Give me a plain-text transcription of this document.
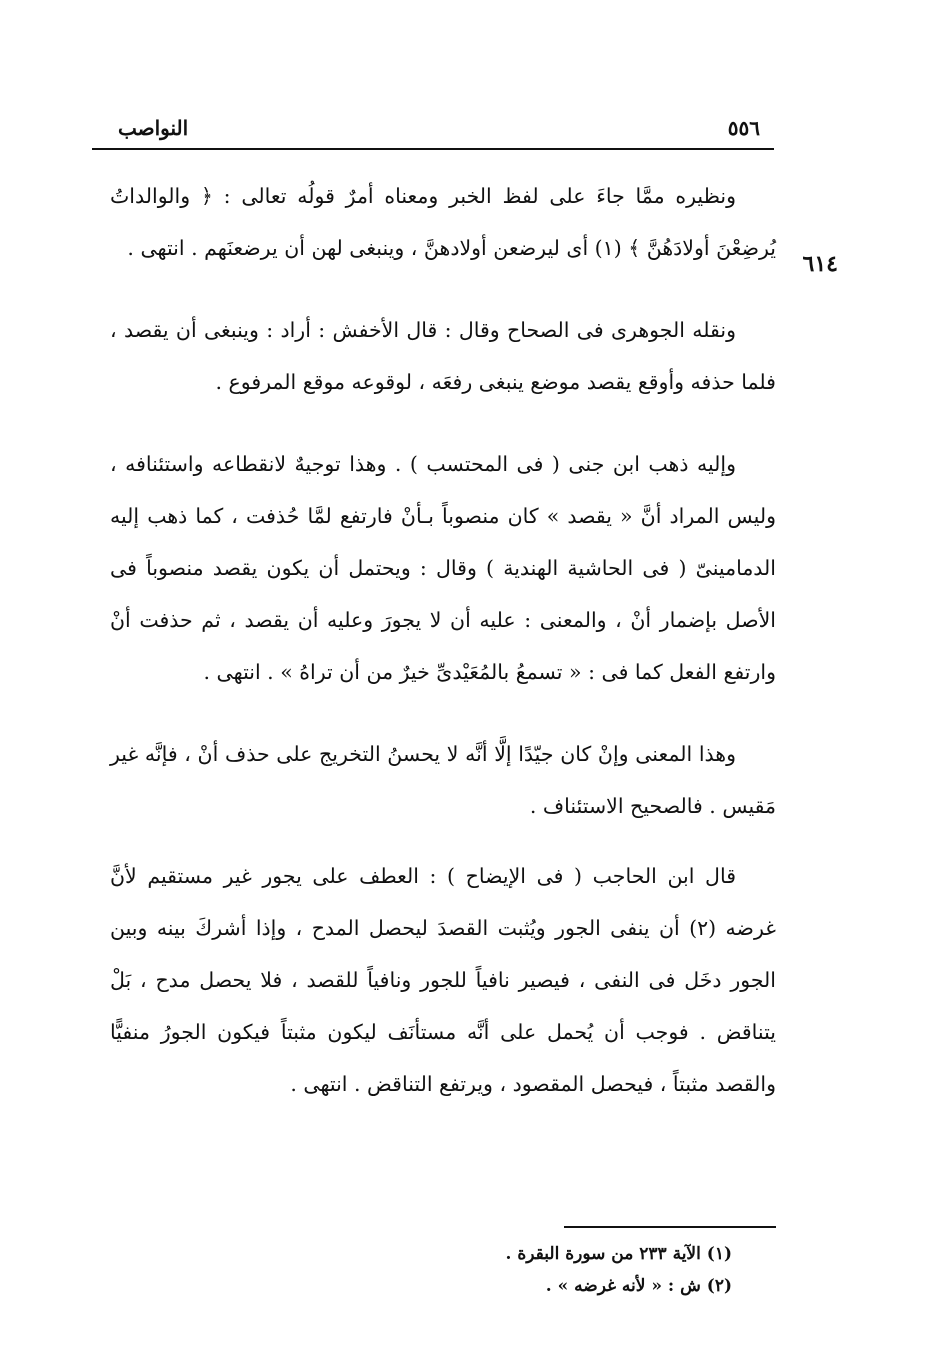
٥٥٦
النواصب
٦١٤

ونظيره ممَّا جاءَ على لفظ الخبر ومعناه أمرٌ قولُه تعالى : ﴿ والوالداتُ يُرضِعْنَ أولادَهُنَّ ﴾ (١) أى ليرضعن أولادهنَّ ، وينبغى لهن أن يرضعنَهم . انتهى .

ونقله الجوهرى فى الصحاح وقال : قال الأخفش : أراد : وينبغى أن يقصد ، فلما حذفه وأوقع يقصد موضع ينبغى رفعَه ، لوقوعه موقع المرفوع .

وإليه ذهب ابن جنى ( فى المحتسب ) . وهذا توجيهٌ لانقطاعه واستئنافه ، وليس المراد أنَّ « يقصد » كان منصوباً بـأنْ فارتفع لمَّا حُذفت ، كما ذهب إليه الدمامينىّ ( فى الحاشية الهندية ) وقال : ويحتمل أن يكون يقصد منصوباً فى الأصل بإضمار أنْ ، والمعنى : عليه أن لا يجورَ وعليه أن يقصد ، ثم حذفت أنْ وارتفع الفعل كما فى : « تسمعُ بالمُعَيْدىِّ خيرٌ من أن تراهُ » . انتهى .

وهذا المعنى وإنْ كان جيّدًا إلَّا أنَّه لا يحسنُ التخريج على حذف أنْ ، فإنَّه غير مَقيس . فالصحيح الاستئناف .

قال ابن الحاجب ( فى الإيضاح ) : العطف على يجور غير مستقيم لأنَّ غرضه (٢) أن ينفى الجور ويُثبت القصدَ ليحصل المدح ، وإذا أشركَ بينه وبين الجور دخَل فى النفى ، فيصير نافياً للجور ونافياً للقصد ، فلا يحصل مدح ، بَلْ يتناقض . فوجب أن يُحمل على أنَّه مستأنَف ليكون مثبتاً فيكون الجورُ منفيًّا والقصد مثبتاً ، فيحصل المقصود ، ويرتفع التناقض . انتهى .

(١) الآية ٢٣٣ من سورة البقرة .

(٢) ش : « لأنه غرضه » .
